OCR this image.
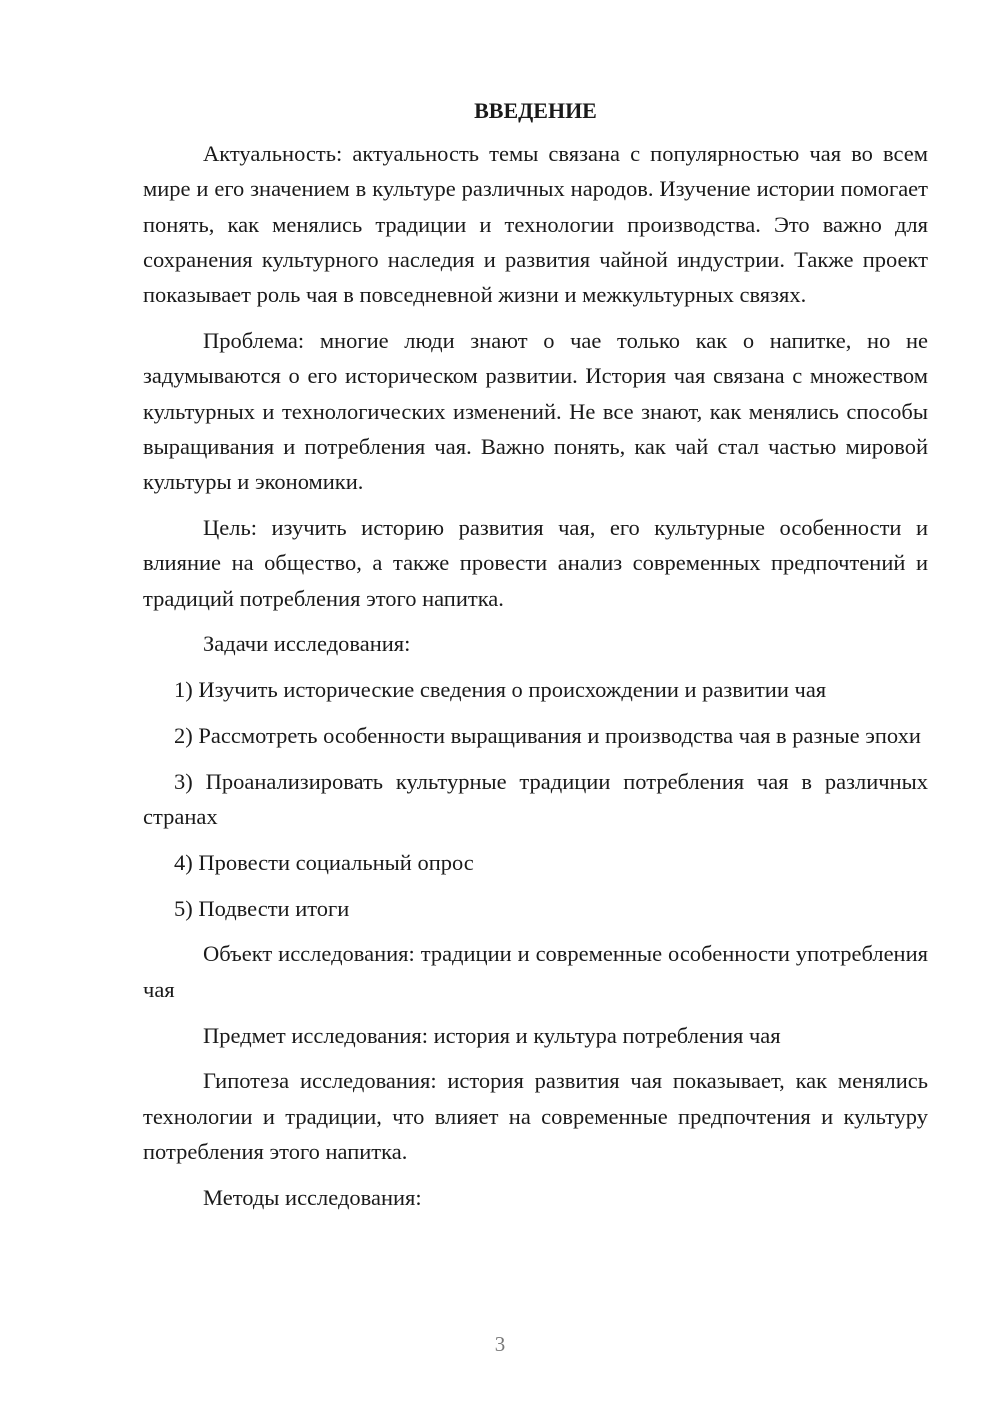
ВВЕДЕНИЕ

Актуальность: актуальность темы связана с популярностью чая во всем мире и его значением в культуре различных народов. Изучение истории помогает понять, как менялись традиции и технологии производства. Это важно для сохранения культурного наследия и развития чайной индустрии. Также проект показывает роль чая в повседневной жизни и межкультурных связях.

Проблема: многие люди знают о чае только как о напитке, но не задумываются о его историческом развитии. История чая связана с множеством культурных и технологических изменений. Не все знают, как менялись способы выращивания и потребления чая. Важно понять, как чай стал частью мировой культуры и экономики.

Цель: изучить историю развития чая, его культурные особенности и влияние на общество, а также провести анализ современных предпочтений и традиций потребления этого напитка.

Задачи исследования:

1) Изучить исторические сведения о происхождении и развитии чая

2) Рассмотреть особенности выращивания и производства чая в разные эпохи

3) Проанализировать культурные традиции потребления чая в различных странах

4) Провести социальный опрос

5) Подвести итоги

Объект исследования: традиции и современные особенности употребления чая

Предмет исследования: история и культура потребления чая

Гипотеза исследования: история развития чая показывает, как менялись технологии и традиции, что влияет на современные предпочтения и культуру потребления этого напитка.

Методы исследования:

3
